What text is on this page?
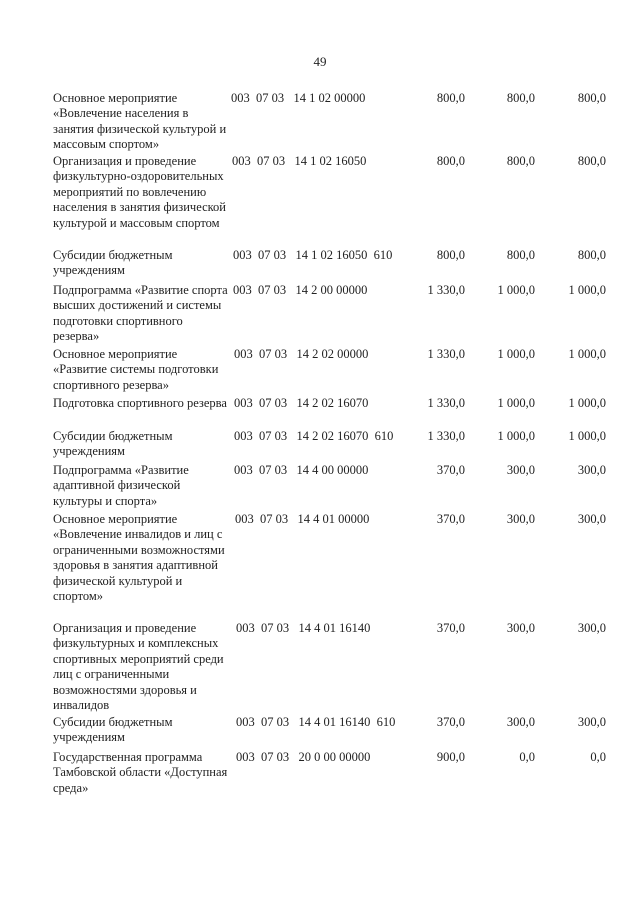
49
Основное мероприятие «Вовлечение населения в занятия физической культурой и массовым спортом»
003  07 03   14 1 02 00000	800,0	800,0	800,0
Организация и проведение физкультурно-оздоровительных мероприятий по вовлечению населения в занятия физической культурой и массовым спортом
003  07 03   14 1 02 16050	800,0	800,0	800,0
Субсидии бюджетным учреждениям
003  07 03   14 1 02 16050  610	800,0	800,0	800,0
Подпрограмма «Развитие спорта высших достижений и системы подготовки спортивного резерва»
003  07 03   14 2 00 00000	1 330,0	1 000,0	1 000,0
Основное мероприятие «Развитие системы подготовки спортивного резерва»
003  07 03   14 2 02 00000	1 330,0	1 000,0	1 000,0
Подготовка спортивного резерва 003  07 03   14 2 02 16070	1 330,0	1 000,0	1 000,0
Субсидии бюджетным учреждениям
003  07 03   14 2 02 16070  610	1 330,0	1 000,0	1 000,0
Подпрограмма «Развитие адаптивной физической культуры и спорта»
003  07 03   14 4 00 00000	370,0	300,0	300,0
Основное мероприятие «Вовлечение инвалидов и лиц с ограниченными возможностями здоровья в занятия адаптивной физической культурой и спортом»
003  07 03   14 4 01 00000	370,0	300,0	300,0
Организация и проведение физкультурных и комплексных спортивных мероприятий среди лиц с ограниченными возможностями здоровья и инвалидов
003  07 03   14 4 01 16140	370,0	300,0	300,0
Субсидии бюджетным учреждениям
003  07 03   14 4 01 16140  610	370,0	300,0	300,0
Государственная программа Тамбовской области «Доступная среда»
003  07 03   20 0 00 00000	900,0	0,0	0,0
